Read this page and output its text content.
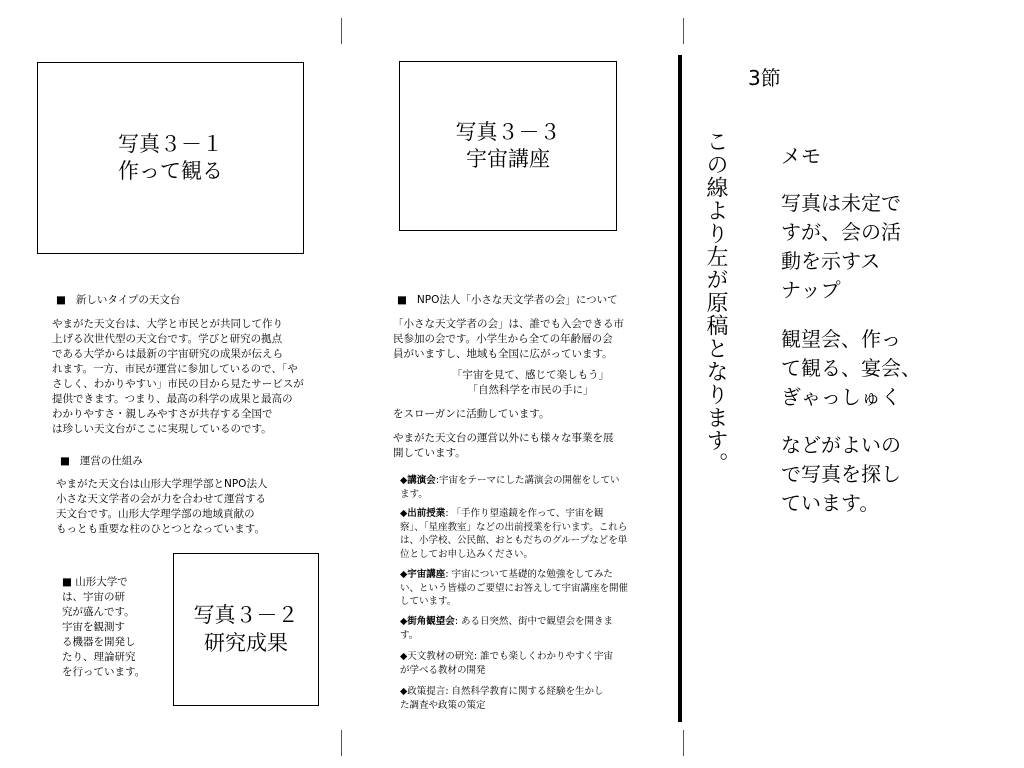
写真３－１
作って観る
写真３－２
研究成果
写真３－３
宇宙講座
■ 新しいタイプの天文台

やまがた天文台は、大学と市民とが共同して作り

上げる次世代型の天文台です。学びと研究の拠点

である大学からは最新の宇宙研究の成果が伝えら

れます。一方、市民が運営に参加しているので、「や

さしく、わかりやすい」市民の目から見たサービスが

提供できます。つまり、最高の科学の成果と最高の

わかりやすさ・親しみやすさが共存する全国で

は珍しい天文台がここに実現しているのです。

■ 運営の仕組み

やまがた天文台は山形大学理学部とNPO法人

小さな天文学者の会が力を合わせて運営する

天文台です。山形大学理学部の地域貢献の

もっとも重要な柱のひとつとなっています。

■ 山形大学で

は、宇宙の研

究が盛んです。

宇宙を観測す

る機器を開発し

たり、理論研究

を行っています。

■ NPO法人「小さな天文学者の会」について

「小さな天文学者の会」は、誰でも入会できる市

民参加の会です。小学生から全ての年齢層の会

員がいますし、地域も全国に広がっています。

「宇宙を見て、感じて楽しもう」

「自然科学を市民の手に」

をスローガンに活動しています。

やまがた天文台の運営以外にも様々な事業を展

開しています。

◆講演会:宇宙をテーマにした講演会の開催をしてい

ます。

◆出前授業: 「手作り望遠鏡を作って、宇宙を観

察」、「星座教室」などの出前授業を行います。これら

は、小学校、公民館、おともだちのグループなどを単

位としてお申し込みください。

◆宇宙講座: 宇宙について基礎的な勉強をしてみた

い、という皆様のご要望にお答えして宇宙講座を開催

しています。

◆街角観望会: ある日突然、街中で観望会を開きま

す。

◆天文教材の研究: 誰でも楽しくわかりやすく宇宙

が学べる教材の開発

◆政策提言: 自然科学教育に関する経験を生かし

た調査や政策の策定

3節
この線より左が原稿となります。	メモ

写真は未定で

すが、会の活

動を示すス

ナップ

観望会、作っ

て観る、宴会、

ぎゃっしゅく

などがよいの

で写真を探し

ています。
